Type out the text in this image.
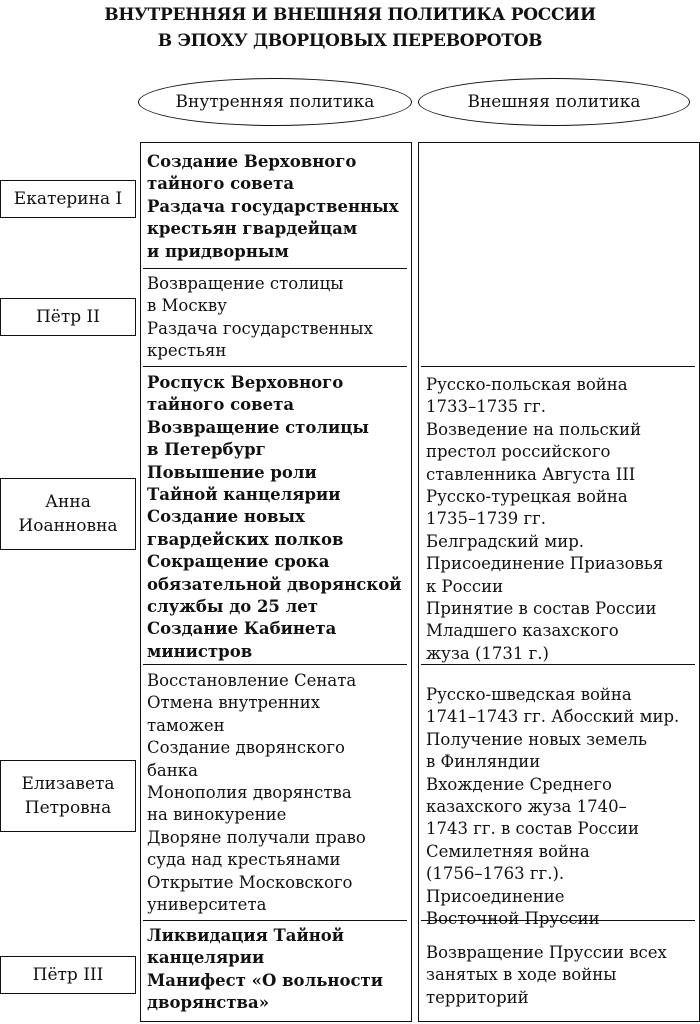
ВНУТРЕННЯЯ И ВНЕШНЯЯ ПОЛИТИКА РОССИИ
В ЭПОХУ ДВОРЦОВЫХ ПЕРЕВОРОТОВ
Внутренняя политика	Внешняя политика
Екатерина I
Пётр II
Анна
Иоанновна
Елизавета
Петровна
Пётр III
Создание Верховного
тайного совета
Раздача государственных
крестьян гвардейцам
и придворным
Возвращение столицы
в Москву
Раздача государственных
крестьян
Роспуск Верховного
тайного совета
Возвращение столицы
в Петербург
Повышение роли
Тайной канцелярии
Создание новых
гвардейских полков
Сокращение срока
обязательной дворянской
службы до 25 лет
Создание Кабинета
министров
Восстановление Сената
Отмена внутренних
таможен
Создание дворянского
банка
Монополия дворянства
на винокурение
Дворяне получали право
суда над крестьянами
Открытие Московского
университета
Ликвидация Тайной
канцелярии
Манифест «О вольности
дворянства»
Русско-польская война
1733–1735 гг.
Возведение на польский
престол российского
ставленника Августа III
Русско-турецкая война
1735–1739 гг.
Белградский мир.
Присоединение Приазовья
к России
Принятие в состав России
Младшего казахского
жуза (1731 г.)
Русско-шведская война
1741–1743 гг. Абосский мир.
Получение новых земель
в Финляндии
Вхождение Среднего
казахского жуза 1740–
1743 гг. в состав России
Семилетняя война
(1756–1763 гг.).
Присоединение
Восточной Пруссии
Возвращение Пруссии всех
занятых в ходе войны
территорий
